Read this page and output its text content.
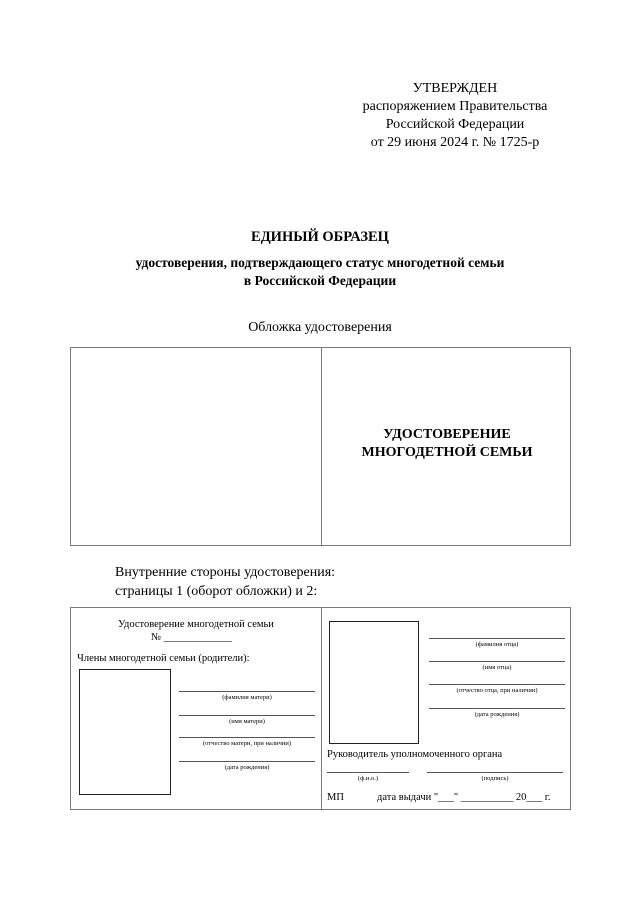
УТВЕРЖДЕН
распоряжением Правительства
Российской Федерации
от 29 июня 2024 г. № 1725-р
ЕДИНЫЙ ОБРАЗЕЦ
удостоверения, подтверждающего статус многодетной семьи
в Российской Федерации
Обложка удостоверения
УДОСТОВЕРЕНИЕ
МНОГОДЕТНОЙ СЕМЬИ
Внутренние стороны удостоверения:
страницы 1 (оборот обложки) и 2:
Удостоверение многодетной семьи
№ _____________
Члены многодетной семьи (родители):
(фамилия матери)
(имя матери)
(отчество матери, при наличии)
(дата рождения)
(фамилия отца)
(имя отца)
(отчество отца, при наличии)
(дата рождения)
Руководитель уполномоченного органа
(ф.и.о.)	(подпись)
МП	дата выдачи "___" __________ 20___ г.
